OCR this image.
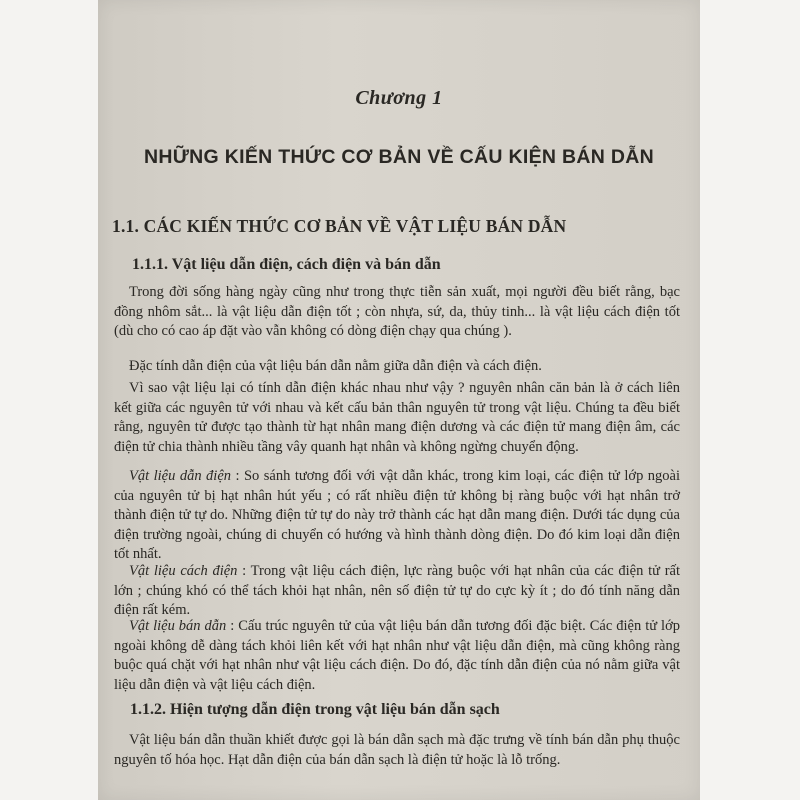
Chương 1
NHỮNG KIẾN THỨC CƠ BẢN VỀ CẤU KIỆN BÁN DẪN
1.1. CÁC KIẾN THỨC CƠ BẢN VỀ VẬT LIỆU BÁN DẪN
1.1.1. Vật liệu dẫn điện, cách điện và bán dẫn
Trong đời sống hàng ngày cũng như trong thực tiễn sản xuất, mọi người đều biết rằng, bạc đồng nhôm sắt... là vật liệu dẫn điện tốt ; còn nhựa, sứ, da, thủy tinh... là vật liệu cách điện tốt (dù cho có cao áp đặt vào vẫn không có dòng điện chạy qua chúng ).
Đặc tính dẫn điện của vật liệu bán dẫn nằm giữa dẫn điện và cách điện.
Vì sao vật liệu lại có tính dẫn điện khác nhau như vậy ? nguyên nhân căn bản là ở cách liên kết giữa các nguyên tử với nhau và kết cấu bản thân nguyên tử trong vật liệu. Chúng ta đều biết rằng, nguyên tử được tạo thành từ hạt nhân mang điện dương và các điện tử mang điện âm, các điện tử chia thành nhiều tầng vây quanh hạt nhân và không ngừng chuyển động.
Vật liệu dẫn điện : So sánh tương đối với vật dẫn khác, trong kim loại, các điện tử lớp ngoài của nguyên tử bị hạt nhân hút yếu ; có rất nhiều điện tử không bị ràng buộc với hạt nhân trở thành điện tử tự do. Những điện tử tự do này trở thành các hạt dẫn mang điện. Dưới tác dụng của điện trường ngoài, chúng di chuyển có hướng và hình thành dòng điện. Do đó kim loại dẫn điện tốt nhất.
Vật liệu cách điện : Trong vật liệu cách điện, lực ràng buộc với hạt nhân của các điện tử rất lớn ; chúng khó có thể tách khỏi hạt nhân, nên số điện tử tự do cực kỳ ít ; do đó tính năng dẫn điện rất kém.
Vật liệu bán dẫn : Cấu trúc nguyên tử của vật liệu bán dẫn tương đối đặc biệt. Các điện tử lớp ngoài không dễ dàng tách khỏi liên kết với hạt nhân như vật liệu dẫn điện, mà cũng không ràng buộc quá chặt với hạt nhân như vật liệu cách điện. Do đó, đặc tính dẫn điện của nó nằm giữa vật liệu dẫn điện và vật liệu cách điện.
1.1.2. Hiện tượng dẫn điện trong vật liệu bán dẫn sạch
Vật liệu bán dẫn thuần khiết được gọi là bán dẫn sạch mà đặc trưng về tính bán dẫn phụ thuộc nguyên tố hóa học. Hạt dẫn điện của bán dẫn sạch là điện tử hoặc là lỗ trống.
